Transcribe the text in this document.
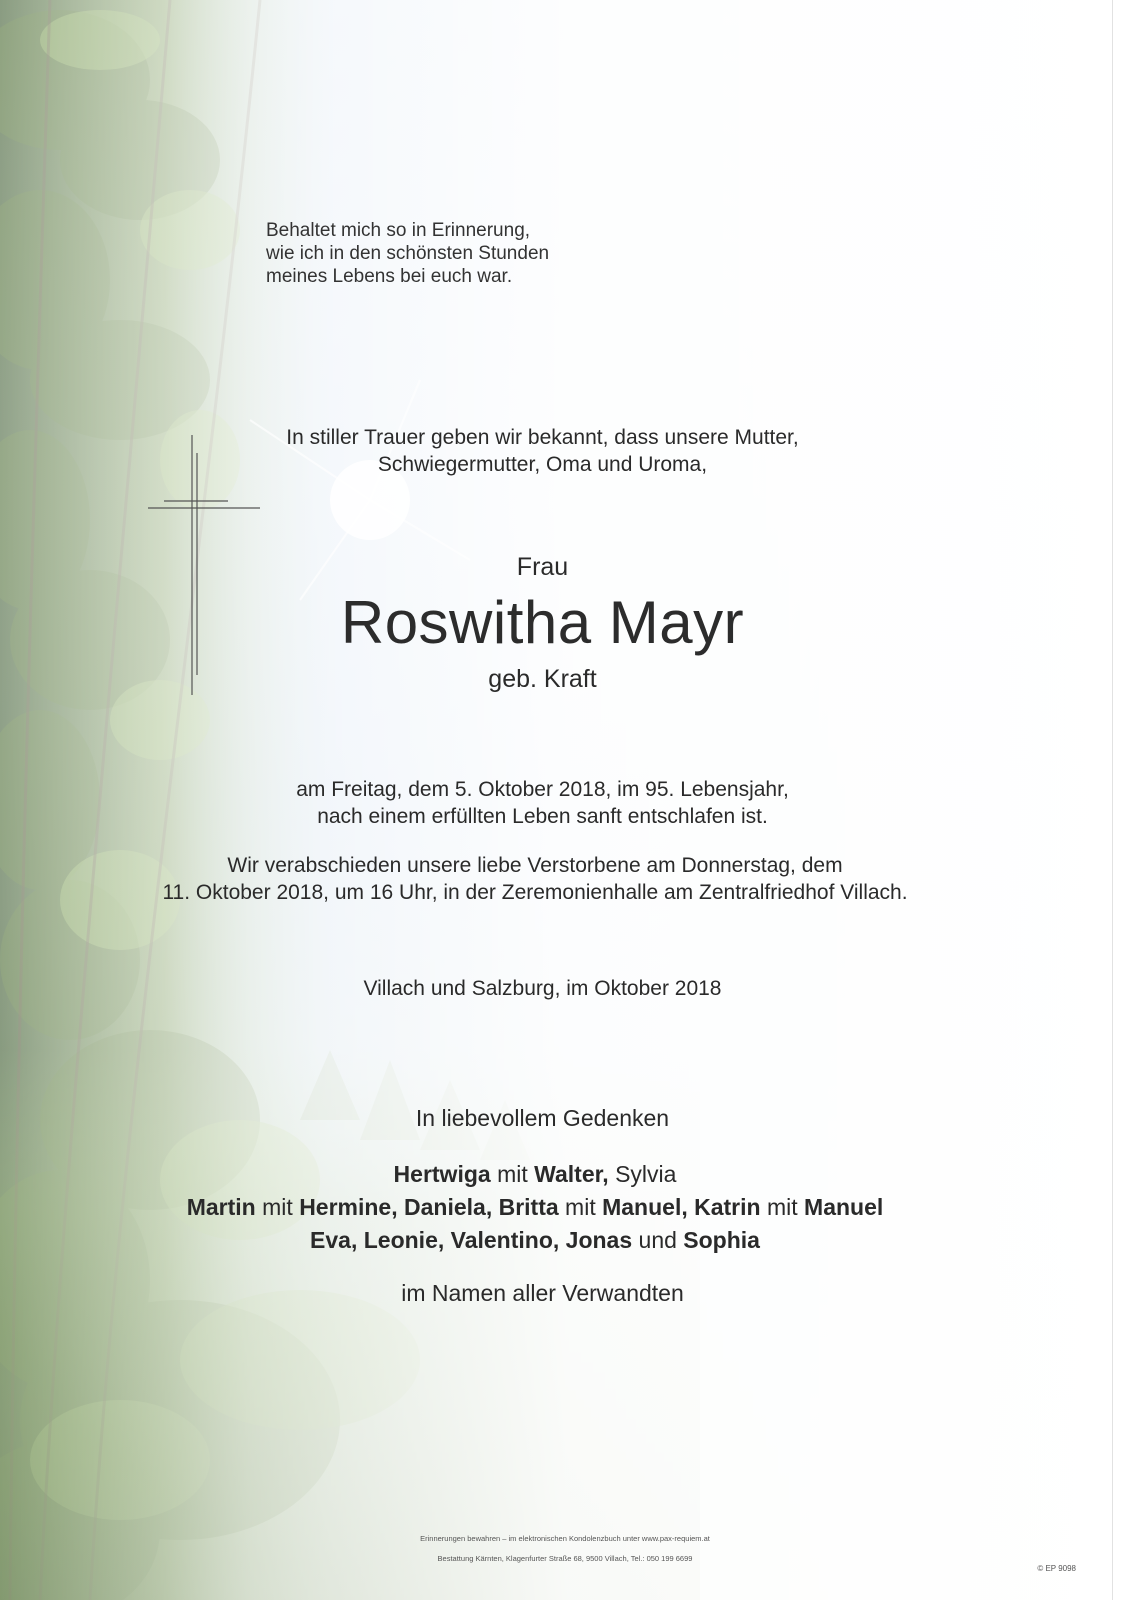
Behaltet mich so in Erinnerung,
wie ich in den schönsten Stunden
meines Lebens bei euch war.
In stiller Trauer geben wir bekannt, dass unsere Mutter,
Schwiegermutter, Oma und Uroma,
Frau
Roswitha Mayr
geb. Kraft
am Freitag, dem 5. Oktober 2018, im 95. Lebensjahr,
nach einem erfüllten Leben sanft entschlafen ist.
Wir verabschieden unsere liebe Verstorbene am Donnerstag, dem
11. Oktober 2018, um 16 Uhr, in der Zeremonienhalle am Zentralfriedhof Villach.
Villach und Salzburg, im Oktober 2018
In liebevollem Gedenken
Hertwiga mit Walter, Sylvia
Martin mit Hermine, Daniela, Britta mit Manuel, Katrin mit Manuel
Eva, Leonie, Valentino, Jonas und Sophia
im Namen aller Verwandten
Erinnerungen bewahren – im elektronischen Kondolenzbuch unter www.pax-requiem.at
Bestattung Kärnten, Klagenfurter Straße 68, 9500 Villach, Tel.: 050 199 6699
© EP 9098
